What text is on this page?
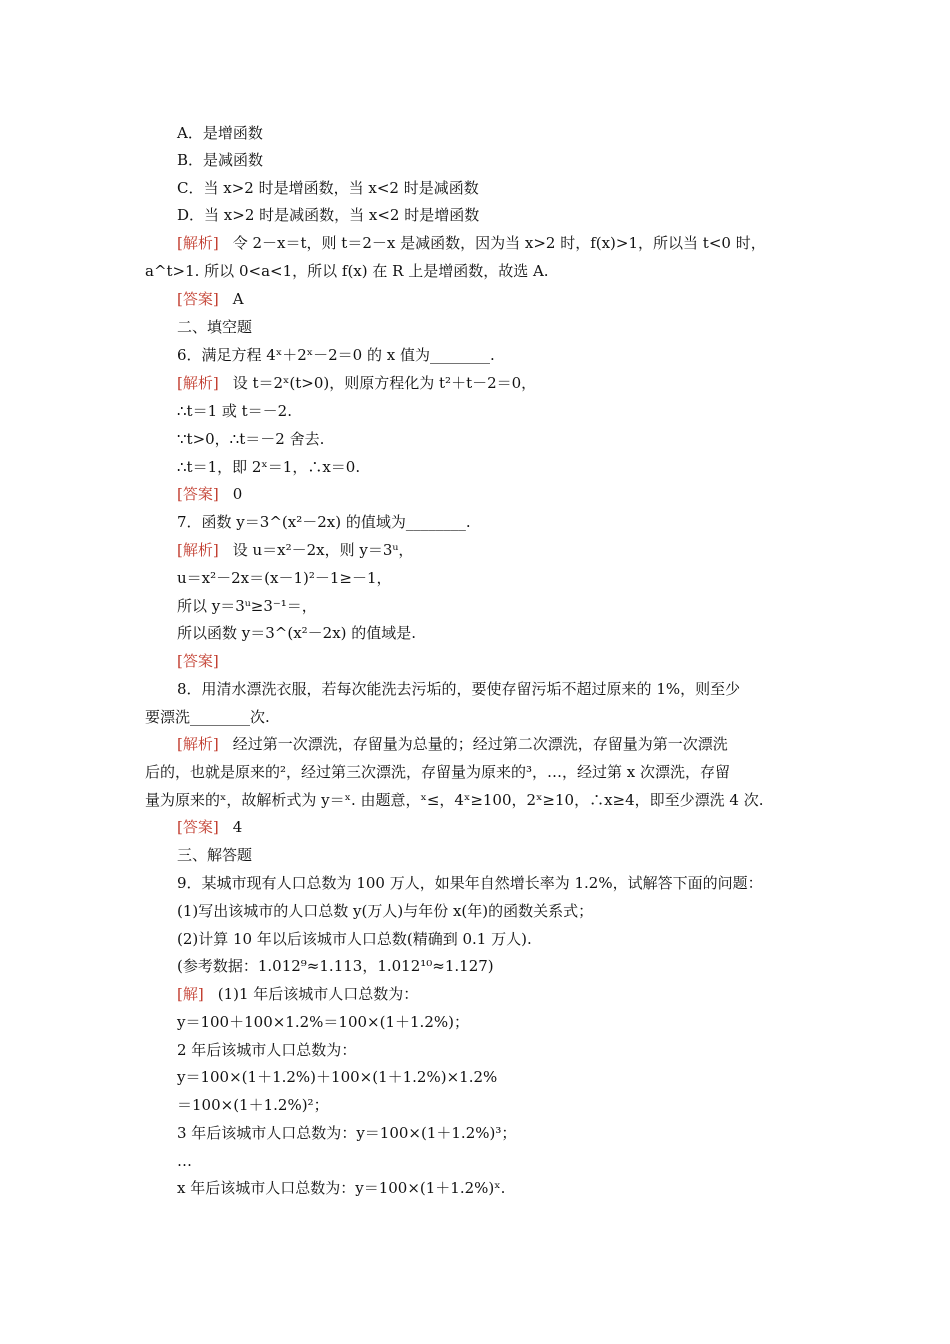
A．是增函数
B．是减函数
C．当 x>2 时是增函数，当 x<2 时是减函数
D．当 x>2 时是减函数，当 x<2 时是增函数
[解析] 令 2－x＝t，则 t＝2－x 是减函数，因为当 x>2 时，f(x)>1，所以当 t<0 时，
a^t>1. 所以 0<a<1，所以 f(x) 在 R 上是增函数，故选 A.
[答案] A
二、填空题
6．满足方程 4ˣ＋2ˣ－2＝0 的 x 值为________.
[解析] 设 t＝2ˣ(t>0)，则原方程化为 t²＋t－2＝0，
∴t＝1 或 t＝－2.
∵t>0，∴t＝－2 舍去.
∴t＝1，即 2ˣ＝1，∴x＝0.
[答案] 0
7．函数 y＝3^(x²－2x) 的值域为________.
[解析] 设 u＝x²－2x，则 y＝3ᵘ，
u＝x²－2x＝(x－1)²－1≥－1，
所以 y＝3ᵘ≥3⁻¹＝，
所以函数 y＝3^(x²－2x) 的值域是.
[答案]
8．用清水漂洗衣服，若每次能洗去污垢的，要使存留污垢不超过原来的 1%，则至少
要漂洗________次.
[解析] 经过第一次漂洗，存留量为总量的；经过第二次漂洗，存留量为第一次漂洗
后的，也就是原来的²，经过第三次漂洗，存留量为原来的³，…，经过第 x 次漂洗，存留
量为原来的ˣ，故解析式为 y＝ˣ. 由题意，ˣ≤，4ˣ≥100，2ˣ≥10，∴x≥4，即至少漂洗 4 次.
[答案] 4
三、解答题
9．某城市现有人口总数为 100 万人，如果年自然增长率为 1.2%，试解答下面的问题：
(1)写出该城市的人口总数 y(万人)与年份 x(年)的函数关系式；
(2)计算 10 年以后该城市人口总数(精确到 0.1 万人).
(参考数据：1.012⁹≈1.113，1.012¹⁰≈1.127)
[解] (1)1 年后该城市人口总数为：
y＝100＋100×1.2%＝100×(1＋1.2%)；
2 年后该城市人口总数为：
y＝100×(1＋1.2%)＋100×(1＋1.2%)×1.2%
＝100×(1＋1.2%)²；
3 年后该城市人口总数为：y＝100×(1＋1.2%)³；
…
x 年后该城市人口总数为：y＝100×(1＋1.2%)ˣ.
